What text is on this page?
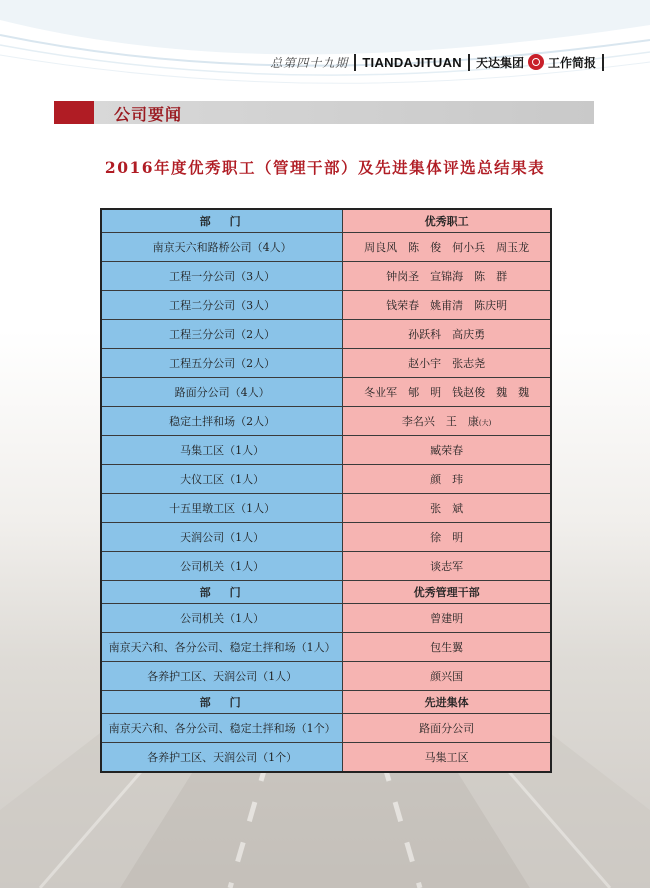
总第四十九期 TIANDAJITUAN 天达集团 工作简报
公司要闻
2016年度优秀职工（管理干部）及先进集体评选总结果表
部　门	优秀职工
南京天六和路桥公司（4人）	周良风　陈　俊　何小兵　周玉龙
工程一分公司（3人）	钟岗圣　宣锦海　陈　群
工程二分公司（3人）	钱荣春　姚甫清　陈庆明
工程三分公司（2人）	孙跃科　高庆勇
工程五分公司（2人）	赵小宇　张志尧
路面分公司（4人）	冬业军　郇　明　钱赵俊　魏　魏
稳定土拌和场（2人）	李名兴　王　康(大)
马集工区（1人）	臧荣春
大仪工区（1人）	颜　玮
十五里墩工区（1人）	张　斌
天润公司（1人）	徐　明
公司机关（1人）	谈志军
部　门	优秀管理干部
公司机关（1人）	曾建明
南京天六和、各分公司、稳定土拌和场（1人）	包生翼
各养护工区、天润公司（1人）	颜兴国
部　门	先进集体
南京天六和、各分公司、稳定土拌和场（1个）	路面分公司
各养护工区、天润公司（1个）	马集工区
